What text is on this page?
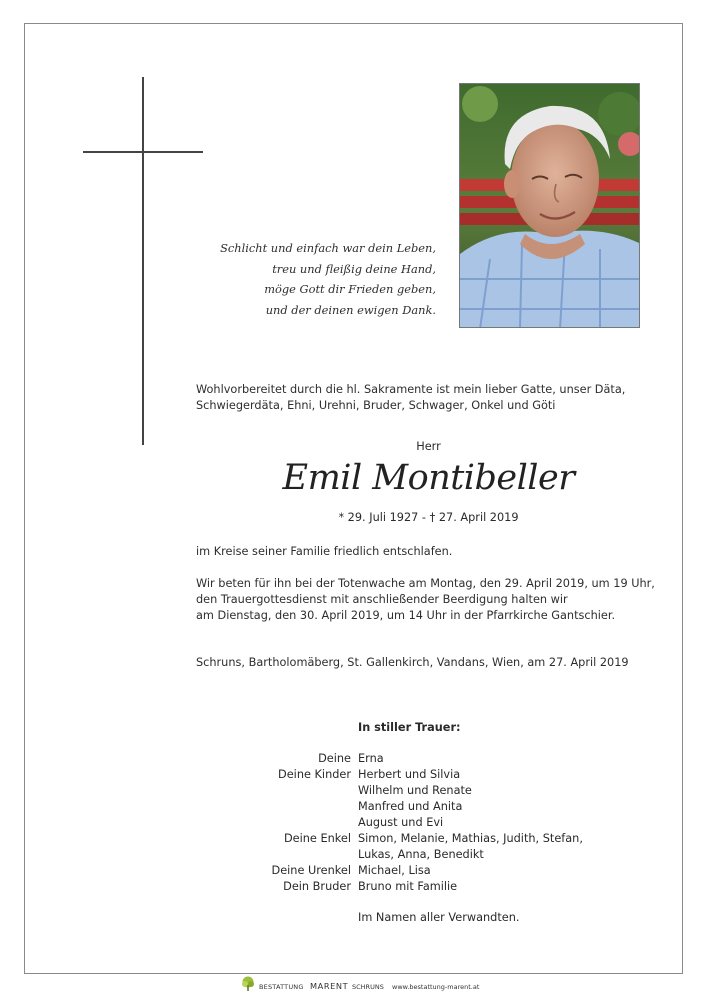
Schlicht und einfach war dein Leben,
treu und fleißig deine Hand,
möge Gott dir Frieden geben,
und der deinen ewigen Dank.
Wohlvorbereitet durch die hl. Sakramente ist mein lieber Gatte, unser Däta,
Schwiegerdäta, Ehni, Urehni, Bruder, Schwager, Onkel und Göti
Herr
Emil Montibeller
* 29. Juli 1927 - † 27. April 2019
im Kreise seiner Familie friedlich entschlafen.
Wir beten für ihn bei der Totenwache am Montag, den 29. April 2019, um 19 Uhr,
den Trauergottesdienst mit anschließender Beerdigung halten wir
am Dienstag, den 30. April 2019, um 14 Uhr in der Pfarrkirche Gantschier.
Schruns, Bartholomäberg, St. Gallenkirch, Vandans, Wien, am 27. April 2019
In stiller Trauer:
Deine Erna
Deine Kinder Herbert und Silvia
Wilhelm und Renate
Manfred und Anita
August und Evi
Deine Enkel Simon, Melanie, Mathias, Judith, Stefan,
Lukas, Anna, Benedikt
Deine Urenkel Michael, Lisa
Dein Bruder Bruno mit Familie
Im Namen aller Verwandten.
BESTATTUNG MARENT SCHRUNS www.bestattung-marent.at
